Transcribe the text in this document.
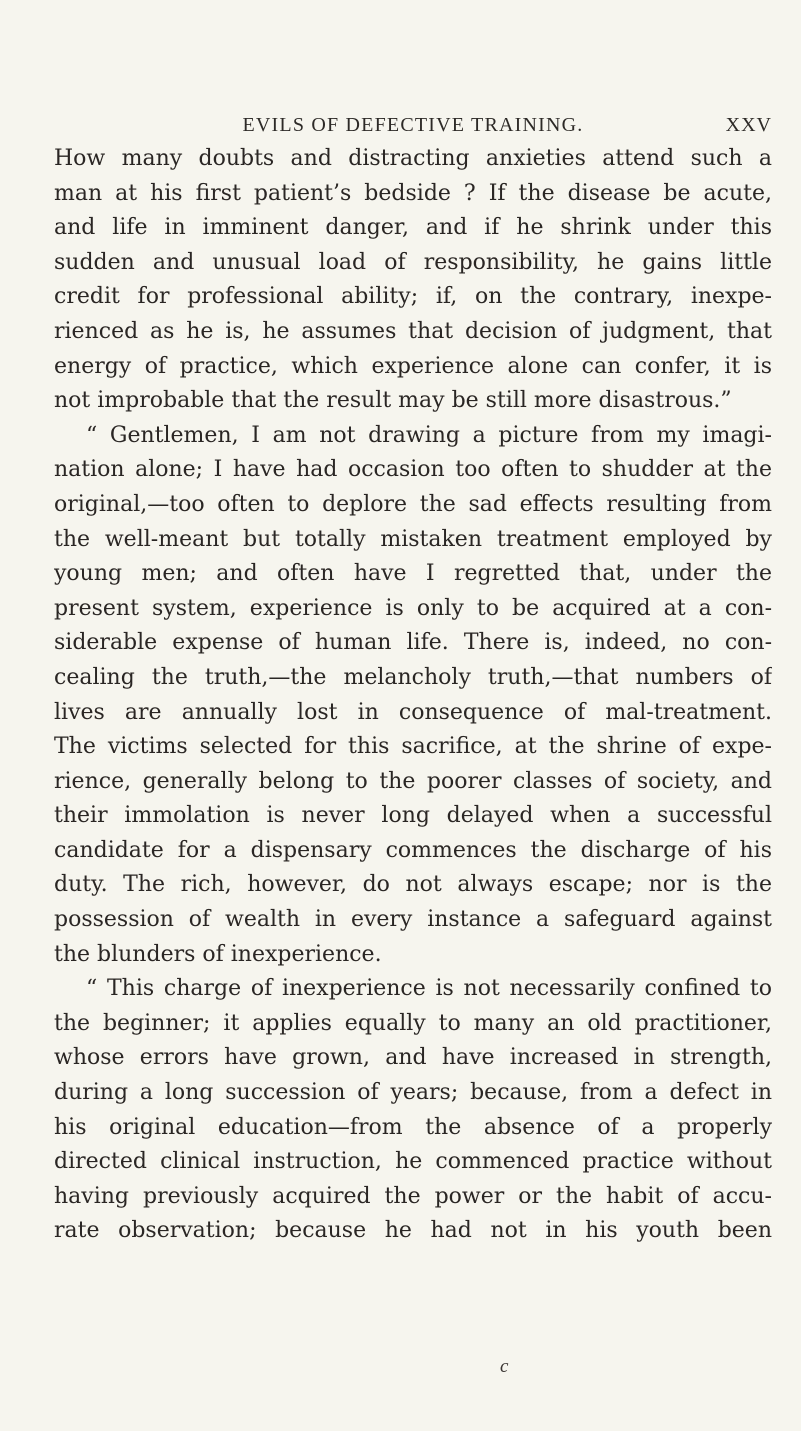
EVILS OF DEFECTIVE TRAINING.	XXV
How many doubts and distracting anxieties attend such a
man at his first patient’s bedside ? If the disease be acute,
and life in imminent danger, and if he shrink under this
sudden and unusual load of responsibility, he gains little
credit for professional ability; if, on the contrary, inexpe-
rienced as he is, he assumes that decision of judgment, that
energy of practice, which experience alone can confer, it is
not improbable that the result may be still more disastrous.”
“ Gentlemen, I am not drawing a picture from my imagi-
nation alone; I have had occasion too often to shudder at the
original,—too often to deplore the sad effects resulting from
the well-meant but totally mistaken treatment employed by
young men; and often have I regretted that, under the
present system, experience is only to be acquired at a con-
siderable expense of human life. There is, indeed, no con-
cealing the truth,—the melancholy truth,—that numbers of
lives are annually lost in consequence of mal-treatment.
The victims selected for this sacrifice, at the shrine of expe-
rience, generally belong to the poorer classes of society, and
their immolation is never long delayed when a successful
candidate for a dispensary commences the discharge of his
duty. The rich, however, do not always escape; nor is the
possession of wealth in every instance a safeguard against
the blunders of inexperience.
“ This charge of inexperience is not necessarily confined to
the beginner; it applies equally to many an old practitioner,
whose errors have grown, and have increased in strength,
during a long succession of years; because, from a defect in
his original education—from the absence of a properly
directed clinical instruction, he commenced practice without
having previously acquired the power or the habit of accu-
rate observation; because he had not in his youth been
c
